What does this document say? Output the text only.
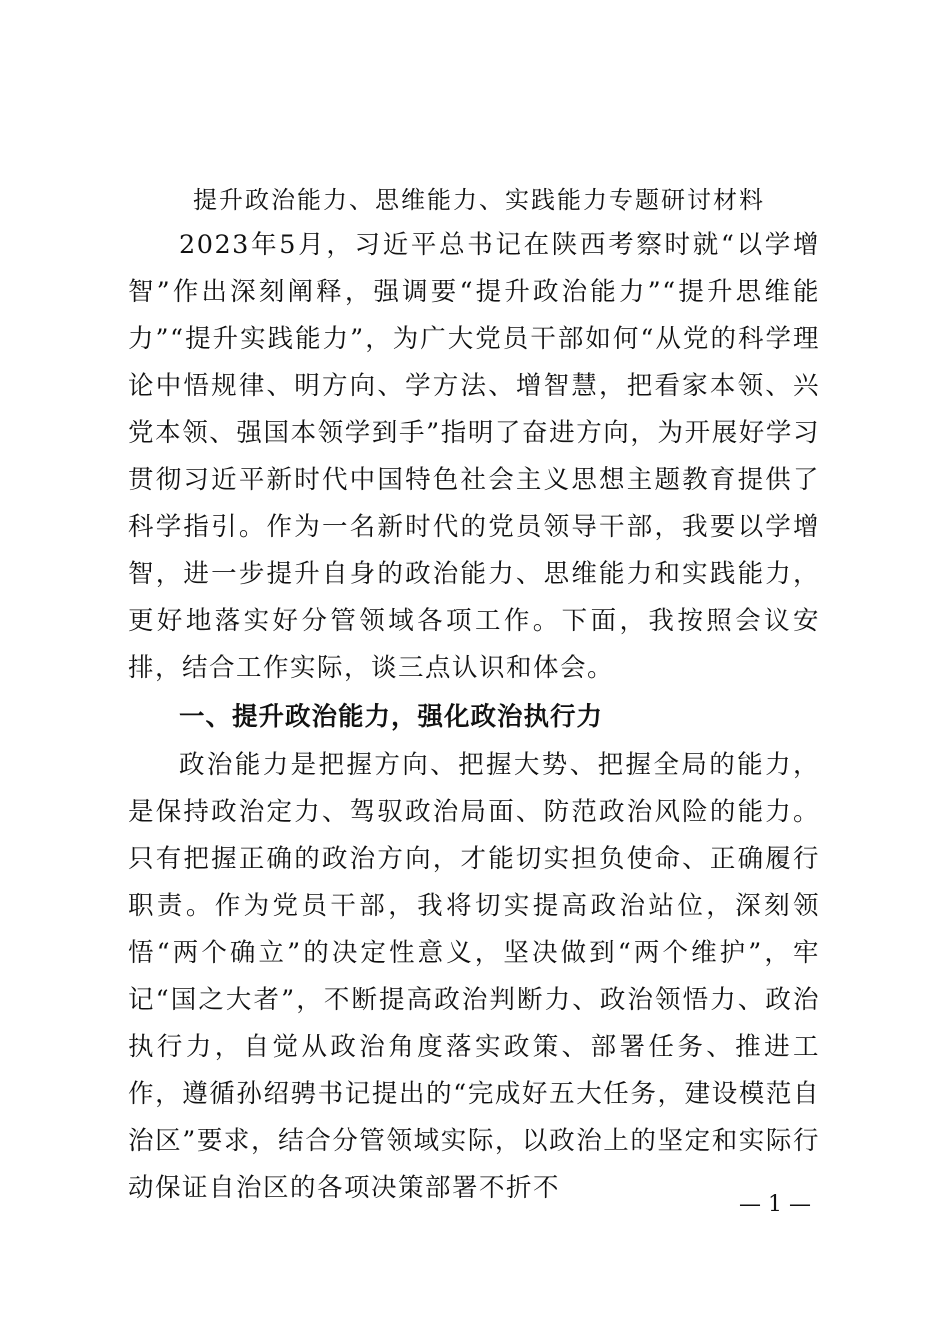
提升政治能力、思维能力、实践能力专题研讨材料

2023年5月，习近平总书记在陕西考察时就“以学增智”作出深刻阐释，强调要“提升政治能力”“提升思维能力”“提升实践能力”，为广大党员干部如何“从党的科学理论中悟规律、明方向、学方法、增智慧，把看家本领、兴党本领、强国本领学到手”指明了奋进方向，为开展好学习贯彻习近平新时代中国特色社会主义思想主题教育提供了科学指引。作为一名新时代的党员领导干部，我要以学增智，进一步提升自身的政治能力、思维能力和实践能力，更好地落实好分管领域各项工作。下面，我按照会议安排，结合工作实际，谈三点认识和体会。

一、提升政治能力，强化政治执行力

政治能力是把握方向、把握大势、把握全局的能力，是保持政治定力、驾驭政治局面、防范政治风险的能力。只有把握正确的政治方向，才能切实担负使命、正确履行职责。作为党员干部，我将切实提高政治站位，深刻领悟“两个确立”的决定性意义，坚决做到“两个维护”，牢记“国之大者”，不断提高政治判断力、政治领悟力、政治执行力，自觉从政治角度落实政策、部署任务、推进工作，遵循孙绍骋书记提出的“完成好五大任务，建设模范自治区”要求，结合分管领域实际，以政治上的坚定和实际行动保证自治区的各项决策部署不折不

— 1 —
